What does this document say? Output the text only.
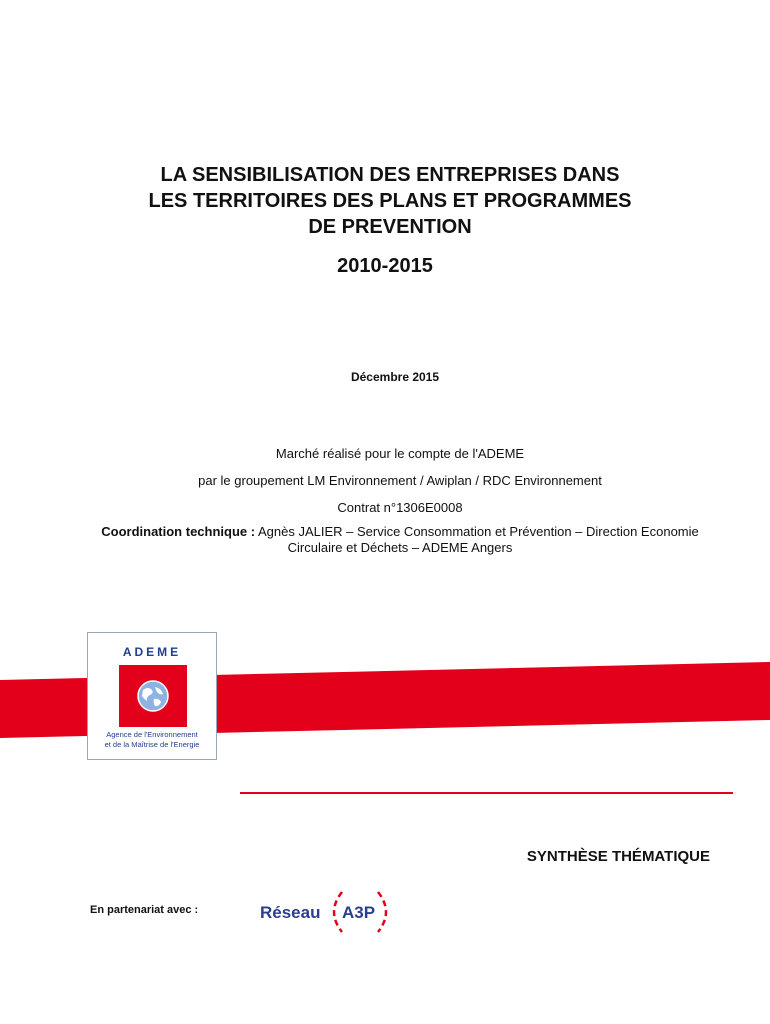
LA SENSIBILISATION DES ENTREPRISES DANS
LES TERRITOIRES DES PLANS ET PROGRAMMES
DE PREVENTION
2010-2015
Décembre 2015
Marché réalisé pour le compte de l'ADEME
par le groupement LM Environnement / Awiplan / RDC Environnement
Contrat n°1306E0008
Coordination technique : Agnès JALIER – Service Consommation et Prévention – Direction Economie Circulaire et Déchets – ADEME Angers
ADEME
Agence de l'Environnement
et de la Maîtrise de l'Energie
SYNTHÈSE THÉMATIQUE
En partenariat avec :	Réseau A3P
